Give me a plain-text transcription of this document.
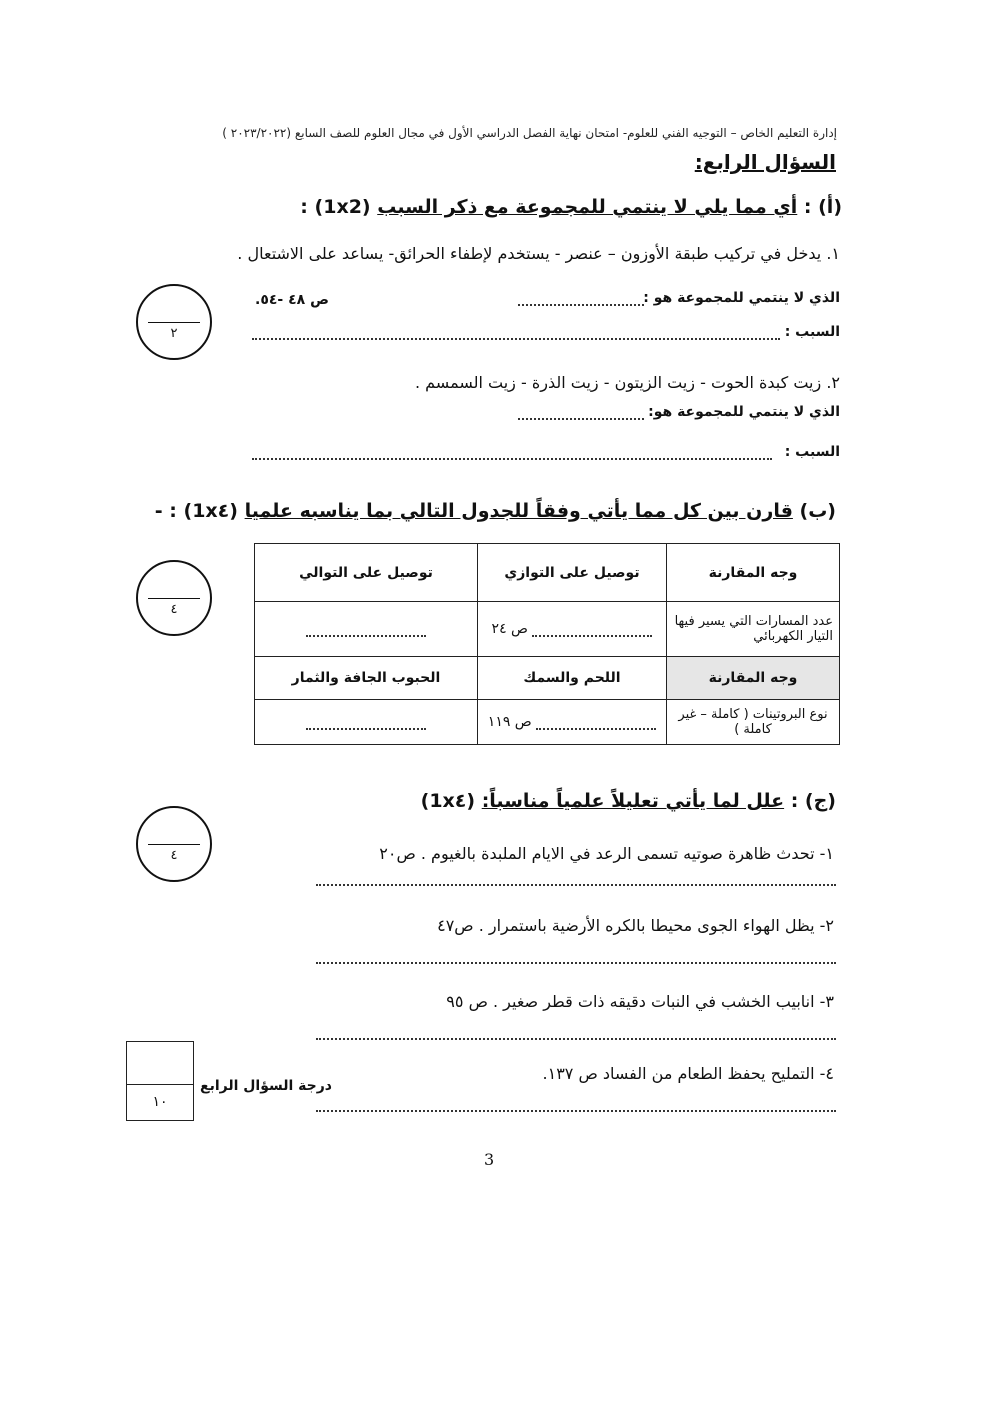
إدارة التعليم الخاص – التوجيه الفني للعلوم- امتحان نهاية الفصل الدراسي الأول في مجال العلوم للصف السابع (٢٠٢٣/٢٠٢٢ )
السؤال الرابع:
(أ) : أي مما يلي لا ينتمي للمجموعة مع ذكر السبب (1x2) :
١. يدخل في تركيب طبقة الأوزون – عنصر - يستخدم لإطفاء الحرائق- يساعد على الاشتعال .
الذي لا ينتمي للمجموعة هو :
ص ٤٨ -٥٤.
السبب :
٢
٢. زيت كبدة الحوت - زيت الزيتون - زيت الذرة - زيت السمسم .
الذي لا ينتمي للمجموعة هو:
السبب :
(ب) قارن بين كل مما يأتي وفقاً للجدول التالي بما يناسبه علميا (1x٤) : -
وجه المقارنة	توصيل على التوازي	توصيل على التوالي
عدد المسارات التي يسير فيها التيار الكهربائي	ص ٢٤	
وجه المقارنة	اللحم والسمك	الحبوب الجافة والثمار
نوع البروتينات ( كاملة – غير كاملة )	ص ١١٩	
٤
(ج) : علل لما يأتي تعليلاً علمياً مناسباً: (1x٤)
٤	١- تحدث ظاهرة صوتيه تسمى الرعد في الايام الملبدة بالغيوم . ص٢٠
٢- يظل الهواء الجوى محيطا بالكره الأرضية باستمرار . ص٤٧
٣- انابيب الخشب في النبات دقيقه ذات قطر صغير . ص ٩٥
٤- التمليح يحفظ الطعام من الفساد ص ١٣٧.
١٠
درجة السؤال الرابع
3
